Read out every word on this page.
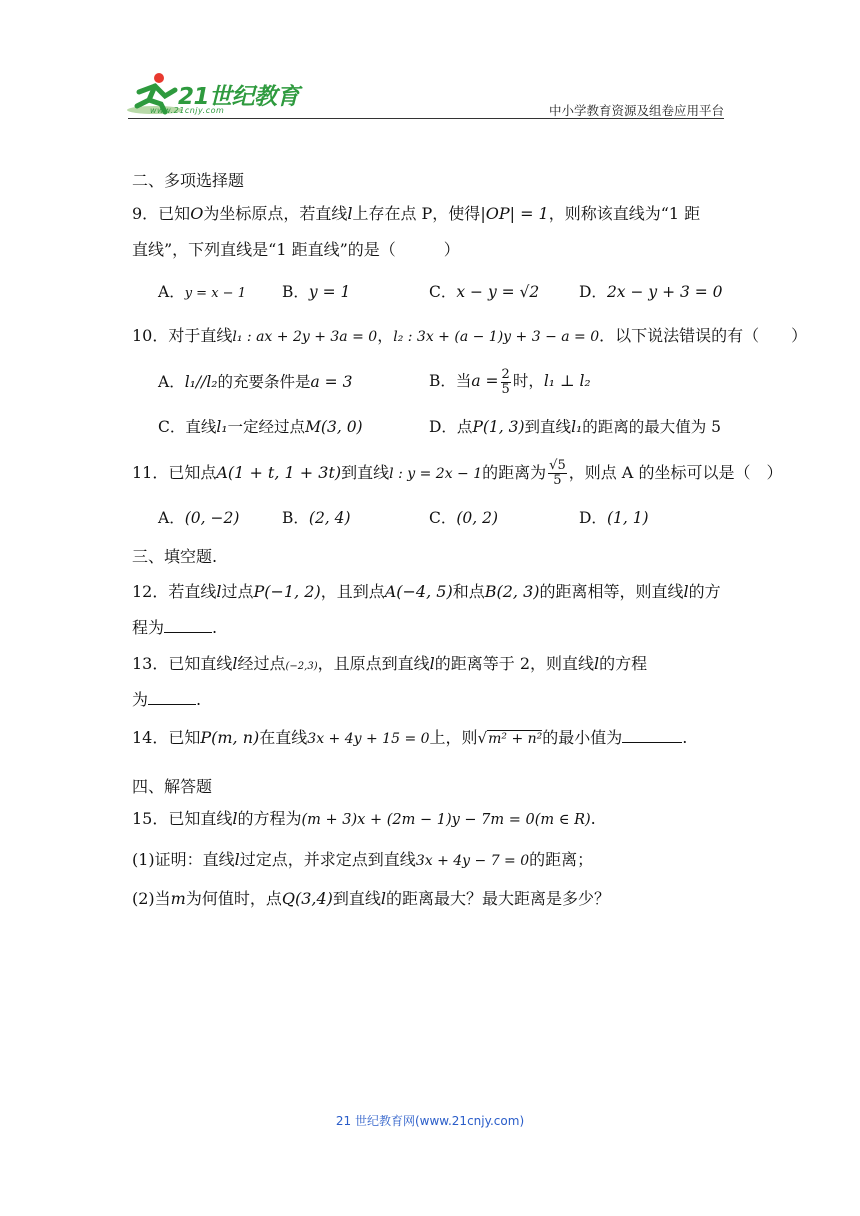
21世纪教育
www.21cnjy.com	中小学教育资源及组卷应用平台
二、多项选择题
9．已知O为坐标原点，若直线l上存在点 P，使得|OP| = 1，则称该直线为“1 距
直线”，下列直线是“1 距直线”的是（　　　）
A．y = x − 1 B．y = 1	C．x − y = √2	D．2x − y + 3 = 0
10．对于直线l₁ : ax + 2y + 3a = 0，l₂ : 3x + (a − 1)y + 3 − a = 0．以下说法错误的有（　　）
A．l₁//l₂的充要条件是a = 3	B．当$a = \frac{2}{5}$ 时，l₁ ⊥ l₂
C．直线l₁一定经过点M(3, 0)	D．点P(1, 3)到直线l₁的距离的最大值为 5
11．已知点A(1 + t, 1 + 3t)到直线l : y = 2x − 1的距离为 $\frac{√5}{5}$ ，则点 A 的坐标可以是（　）
A．(0, −2)	B．(2, 4)	C．(0, 2)	D．(1, 1)
三、填空题.
12．若直线l过点P(−1, 2)，且到点A(−4, 5)和点B(2, 3)的距离相等，则直线l的方
程为	.
13．已知直线l经过点(−2,3)，且原点到直线l的距离等于 2，则直线l的方程
为	.
14．已知P(m, n)在直线3x + 4y + 15 = 0上，则√m² + n²的最小值为	.
四、解答题
15．已知直线l的方程为(m + 3)x + (2m − 1)y − 7m = 0(m ∈ R).
(1)证明：直线l过定点，并求定点到直线3x + 4y − 7 = 0的距离；
(2)当m为何值时，点Q(3,4)到直线l的距离最大？最大距离是多少？
21 世纪教育网(www.21cnjy.com)
